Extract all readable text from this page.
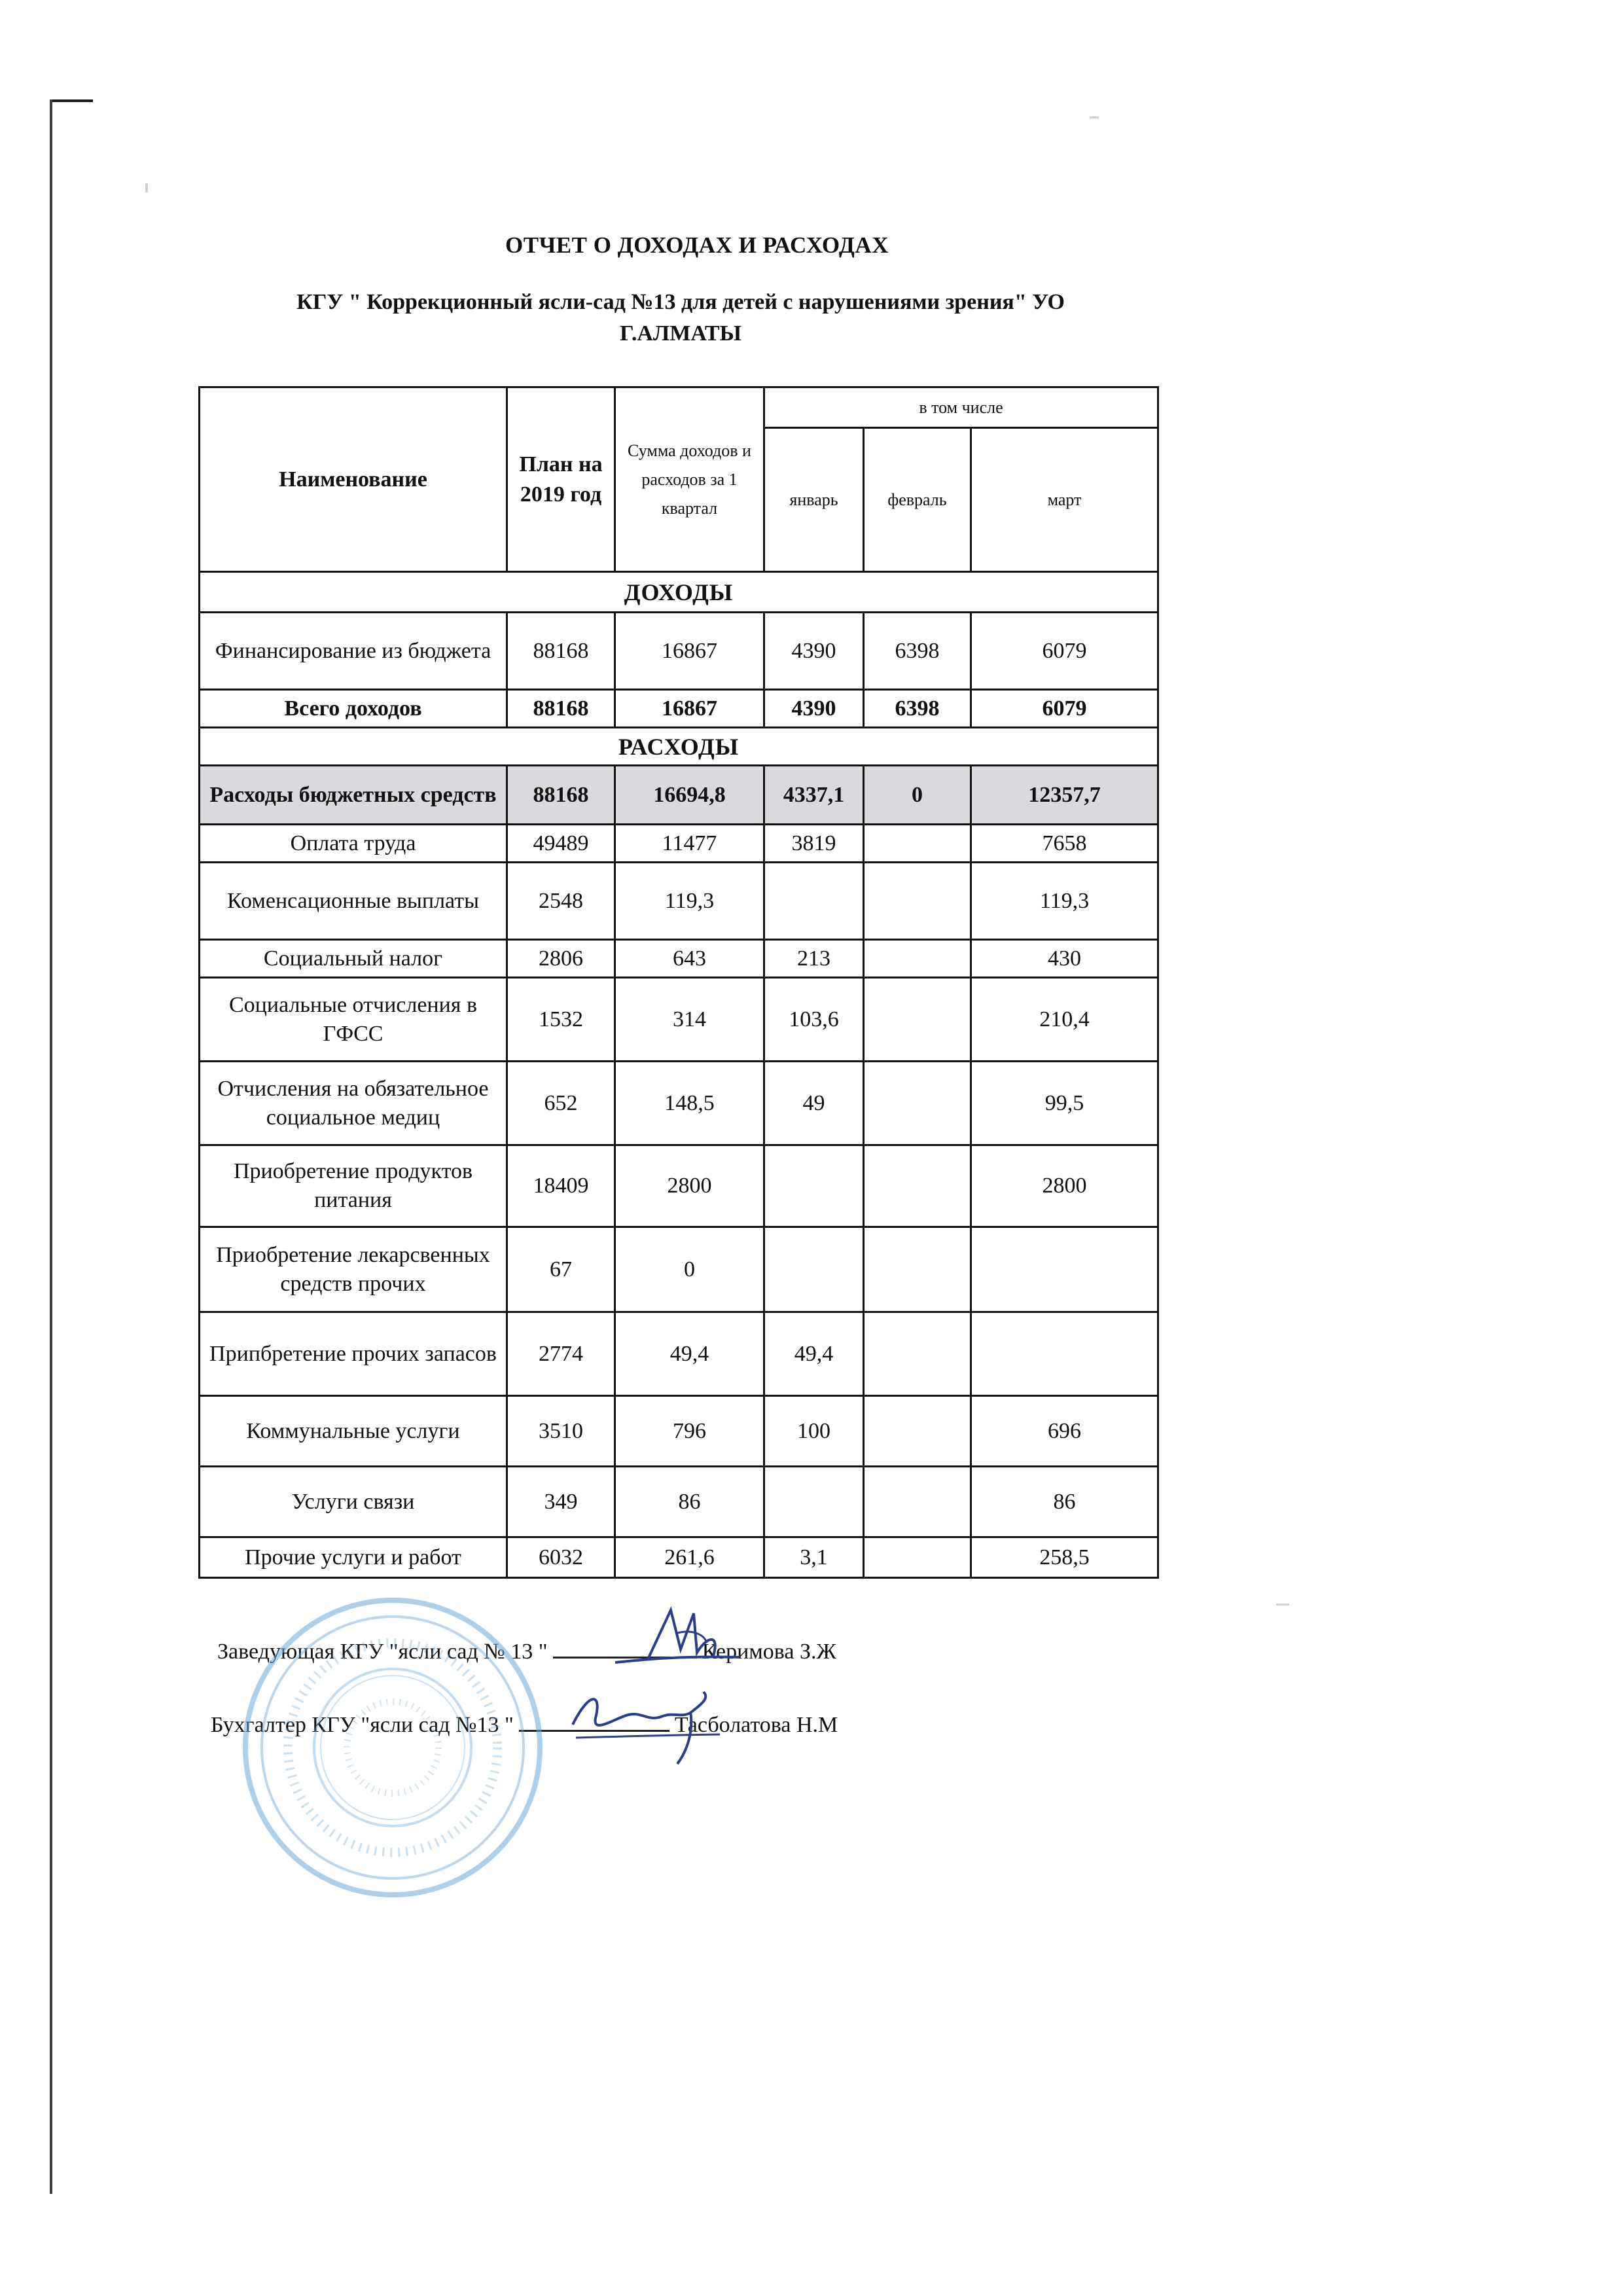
ОТЧЕТ О ДОХОДАХ И РАСХОДАХ
КГУ " Коррекционный ясли-сад №13 для детей с нарушениями зрения" УО
Г.АЛМАТЫ
Наименование	План на 2019 год	Сумма доходов и расходов за 1 квартал	в том числе		
			январь	февраль	март
ДОХОДЫ					
Финансирование из бюджета	88168	16867	4390	6398	6079
Всего доходов	88168	16867	4390	6398	6079
РАСХОДЫ					
Расходы бюджетных средств	88168	16694,8	4337,1	0	12357,7
Оплата труда	49489	11477	3819		7658
Коменсационные выплаты	2548	119,3			119,3
Социальный налог	2806	643	213		430
Социальные отчисления в ГФСС	1532	314	103,6		210,4
Отчисления на обязательное социальное медиц	652	148,5	49		99,5
Приобретение продуктов питания	18409	2800			2800
Приобретение лекарсвенных средств прочих	67	0			
Припбретение прочих запасов	2774	49,4	49,4		
Коммунальные услуги	3510	796	100		696
Услуги связи	349	86			86
Прочие услуги и работ	6032	261,6	3,1		258,5
Заведующая КГУ "ясли сад № 13 "	Керимова З.Ж
Бухгалтер КГУ "ясли сад №13 "	Тасболатова Н.М
